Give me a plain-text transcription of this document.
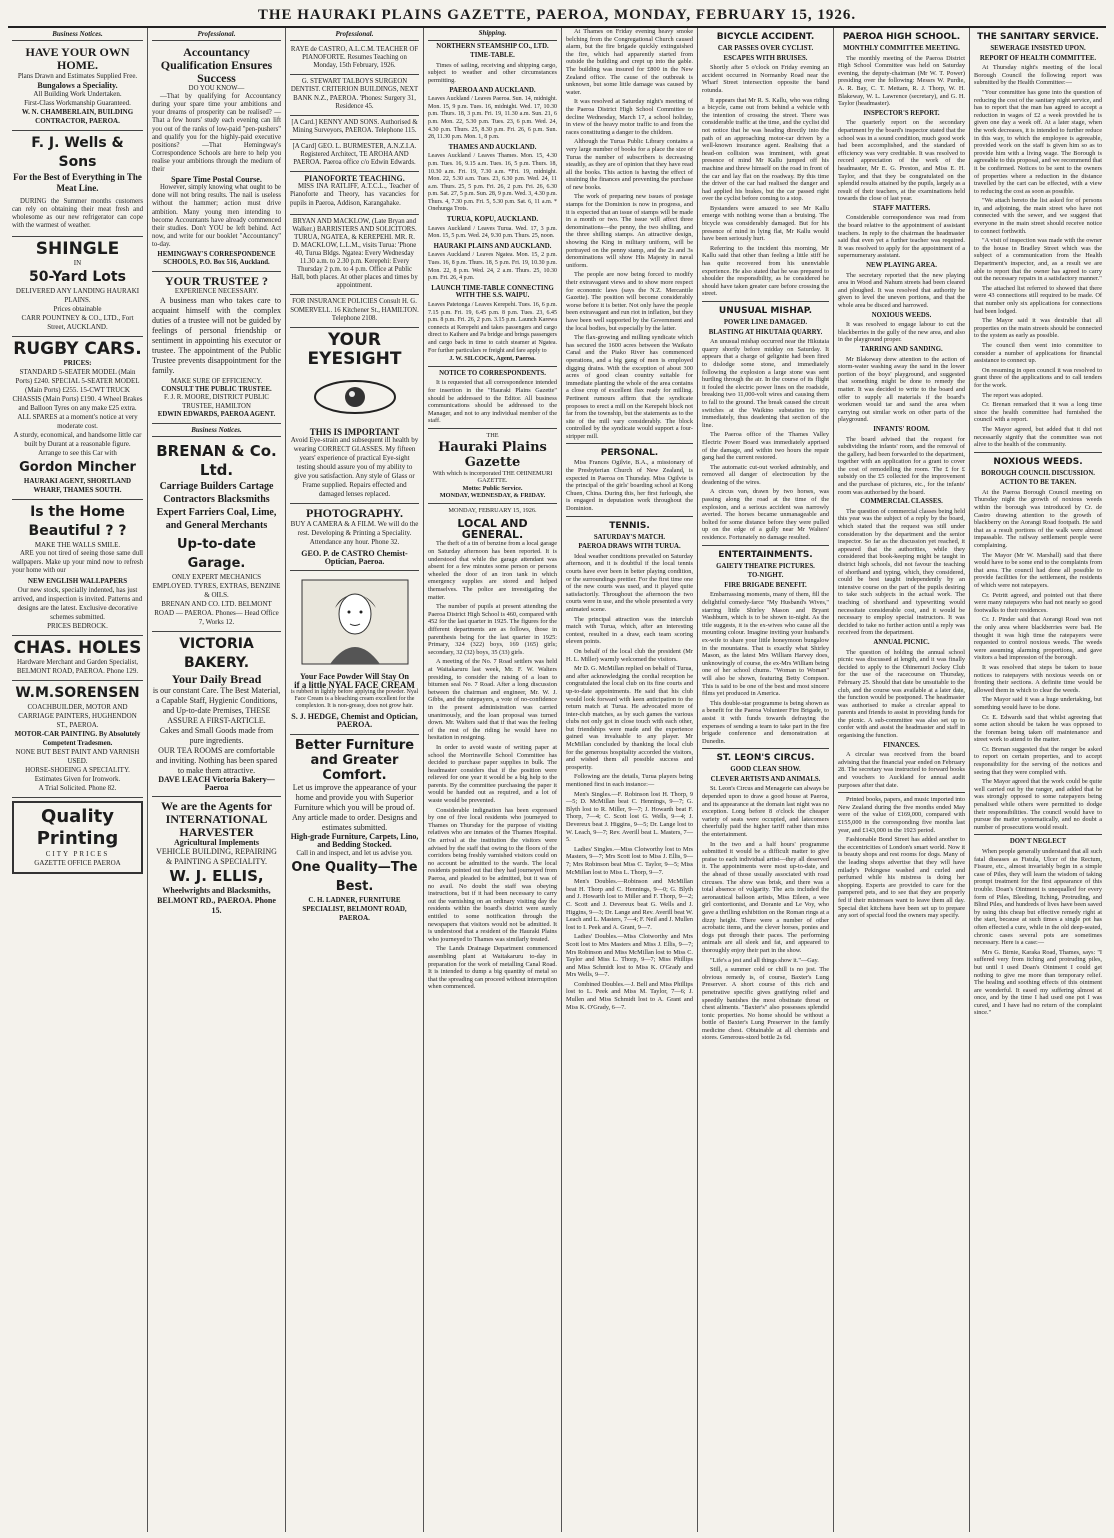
THE HAURAKI PLAINS GAZETTE, PAEROA, MONDAY, FEBRUARY 15, 1926.
Business Notices.
HAVE YOUR OWN HOME.
Plans Drawn and Estimates Supplied Free.
Bungalows a Speciality.
All Building Work Undertaken.
First-Class Workmanship Guaranteed.
W. N. CHAMBERLAIN, BUILDING CONTRACTOR, PAEROA.
F. J. Wells & Sons
For the Best of Everything in The Meat Line.

DURING the Summer months customers can rely on obtaining their meat fresh and wholesome as our new refrigerator can cope with the warmest of weather.

SHINGLE
IN
50-Yard Lots
DELIVERED ANY LANDING HAURAKI PLAINS.
Prices obtainable
CARR POUNTNEY & CO., LTD., Fort Street, AUCKLAND.
RUGBY CARS.
PRICES:
STANDARD 5-SEATER MODEL (Main Ports) £240. SPECIAL 5-SEATER MODEL (Main Ports) £255. 15-CWT TRUCK CHASSIS (Main Ports) £190. 4 Wheel Brakes and Balloon Tyres on any make £25 extra. ALL SPARES at a moment's notice at very moderate cost.
A sturdy, economical, and handsome little car built by Durant at a reasonable figure.
Arrange to see this Car with
Gordon Mincher
HAURAKI AGENT, SHORTLAND WHARF, THAMES SOUTH.
Is the Home Beautiful ? ?
MAKE THE WALLS SMILE.

ARE you not tired of seeing those same dull wallpapers. Make up your mind now to refresh your home with our

NEW ENGLISH WALLPAPERS
Our new stock, specially indented, has just arrived, and inspection is invited. Patterns and designs are the latest. Exclusive decorative schemes submitted.
PRICES BEDROCK.
CHAS. HOLES
Hardware Merchant and Garden Specialist, BELMONT ROAD, PAEROA. Phone 129.
W.M.SORENSEN
COACHBUILDER, MOTOR AND CARRIAGE PAINTERS, HUGHENDON ST., PAEROA.
MOTOR-CAR PAINTING. By Absolutely Competent Tradesmen.
NONE BUT BEST PAINT AND VARNISH USED.
HORSE-SHOEING A SPECIALITY.
Estimates Given for Ironwork.
A Trial Solicited. Phone 82.
Quality Printing
CITY PRICES
GAZETTE OFFICE PAEROA
Professional.
Accountancy Qualification Ensures Success
DO YOU KNOW—

—That by qualifying for Accountancy during your spare time your ambitions and your dreams of prosperity can be realised? —That a few hours' study each evening can lift you out of the ranks of low-paid "pen-pushers" and qualify you for the highly-paid executive positions? —That Hemingway's Correspondence Schools are here to help you realise your ambitions through the medium of their

Spare Time Postal Course.

However, simply knowing what ought to be done will not bring results. The nail is useless without the hammer; action must drive ambition. Many young men intending to become Accountants have already commenced their studies. Don't YOU be left behind. Act now, and write for our booklet "Accountancy" to-day.

HEMINGWAY'S CORRESPONDENCE SCHOOLS, P.O. Box 516, Auckland.
YOUR TRUSTEE ?
EXPERIENCE NECESSARY.

A business man who takes care to acquaint himself with the complex duties of a trustee will not be guided by feelings of personal friendship or sentiment in appointing his executor or trustee. The appointment of the Public Trustee prevents disappointment for the family.

MAKE SURE OF EFFICIENCY.
CONSULT THE PUBLIC TRUSTEE.
F. J. R. MOORE, DISTRICT PUBLIC TRUSTEE, HAMILTON
EDWIN EDWARDS, PAEROA AGENT.
Business Notices.
BRENAN & Co. Ltd.
Carriage Builders Cartage Contractors Blacksmiths Expert Farriers Coal, Lime, and General Merchants
Up-to-date Garage.
ONLY EXPERT MECHANICS EMPLOYED. TYRES, EXTRAS, BENZINE & OILS.
BRENAN AND CO. LTD. BELMONT ROAD — PAEROA. Phones— Head Office 7, Works 12.
VICTORIA BAKERY.
Your Daily Bread
is our constant Care. The Best Material, a Capable Staff, Hygienic Conditions, and Up-to-date Premises, THESE ASSURE A FIRST-ARTICLE.
Cakes and Small Goods made from pure ingredients.
OUR TEA ROOMS are comfortable and inviting. Nothing has been spared to make them attractive.
DAVE LEACH Victoria Bakery—Paeroa
We are the Agents for INTERNATIONAL HARVESTER
Agricultural Implements
VEHICLE BUILDING, REPAIRING & PAINTING A SPECIALITY.
W. J. ELLIS,
Wheelwrights and Blacksmiths, BELMONT RD., PAEROA. Phone 15.
Professional.
RAYE de CASTRO, A.L.C.M. TEACHER OF PIANOFORTE. Resumes Teaching on Monday, 15th February, 1926.
G. STEWART TALBOYS SURGEON DENTIST. CRITERION BUILDINGS, NEXT BANK N.Z., PAEROA. 'Phones: Surgery 31, Residence 45.
[A Card.] KENNY AND SONS. Authorised & Mining Surveyors, PAEROA. Telephone 115.
[A Card] GEO. L. BURMESTER, A.N.Z.I.A. Registered Architect, TE AROHA AND PAEROA. Paeroa office c/o Edwin Edwards.
PIANOFORTE TEACHING.

MISS INA RATLIFF, A.T.C.L., Teacher of Pianoforte and Theory, has vacancies for pupils in Paeroa, Addison, Karangahake.

BRYAN AND MACKLOW, (Late Bryan and Walker.) BARRISTERS AND SOLICITORS. TURUA, NGATEA, & KEREPEHI. MR. R. D. MACKLOW, L.L.M., visits Turua: 'Phone 40, Turua Bldgs. Ngatea: Every Wednesday 11.30 a.m. to 2.30 p.m. Kerepehi: Every Thursday 2 p.m. to 4 p.m. Office at Public Hall, both places. At other places and times by appointment.
FOR INSURANCE POLICIES Consult H. G. SOMERVELL. 16 Kitchener St., HAMILTON. Telephone 2108.
YOUR EYESIGHT
THIS IS IMPORTANT
Avoid Eye-strain and subsequent ill health by wearing CORRECT GLASSES. My fifteen years' experience of practical Eye-sight testing should assure you of my ability to give you satisfaction. Any style of Glass or Frame supplied. Repairs effected and damaged lenses replaced.
PHOTOGRAPHY.
BUY A CAMERA & A FILM. We will do the rest. Developing & Printing a Speciality. Attendance any hour. Phone 32.
GEO. P. de CASTRO Chemist-Optician, Paeroa.
Your Face Powder Will Stay On
if a little NYAL FACE CREAM
is rubbed in lightly before applying the powder. Nyal Face Cream is a bleaching cream excellent for the complexion. It is non-greasy, does not grow hair.
S. J. HEDGE, Chemist and Optician, PAEROA.
Better Furniture and Greater Comfort.
Let us improve the appearance of your home and provide you with Superior Furniture which you will be proud of. Any article made to order. Designs and estimates submitted.
High-grade Furniture, Carpets, Lino, and Bedding Stocked.
Call in and inspect, and let us advise you.
One Quality—The Best.
C. H. LADNER, FURNITURE SPECIALIST, BELMONT ROAD, PAEROA.
Shipping.
NORTHERN STEAMSHIP CO., LTD.
TIME-TABLE.

Times of sailing, receiving and shipping cargo, subject to weather and other circumstances permitting.

PAEROA AND AUCKLAND.
Leaves Auckland / Leaves Paeroa. Sun. 14, midnight. Mon. 15, 9 p.m. Tues. 16, midnight. Wed. 17, 10.30 p.m. Thurs. 18, 3 p.m. Fri. 19, 11.30 a.m. Sun. 21, 6 p.m. Mon. 22, 5.30 p.m. Tues. 23, 6 p.m. Wed. 24, 4.30 p.m. Thurs. 25, 8.30 p.m. Fri. 26, 6 p.m. Sun. 28, 11.30 p.m. Mon. 1, 8 p.m.
THAMES AND AUCKLAND.
Leaves Auckland / Leaves Thames. Mon. 15, 4.30 p.m. Tues. 16, 9.15 a.m. Tues. 16, 5 p.m. Thurs. 18, 10.30 a.m. Fri. 19, 7.30 a.m. *Fri. 19, midnight. Mon. 22, 5.30 a.m. Tues. 23, 6.30 p.m. Wed. 24, 11 a.m. Thurs. 25, 5 p.m. Fri. 26, 2 p.m. Fri. 26, 6.30 p.m. Sat. 27, 5 p.m. Sun. 28, 9 p.m. Wed. 3, 4.30 p.m. Thurs. 4, 7.30 p.m. Fri. 5, 5.30 p.m. Sat. 6, 11 a.m. * Onehunga Trots.
TURUA, KOPU, AUCKLAND.
Leaves Auckland / Leaves Turua. Wed. 17, 3 p.m. Mon. 15, 5 p.m. Wed. 24, 9.30 p.m. Thurs. 25, noon.
HAURAKI PLAINS AND AUCKLAND.
Leaves Auckland / Leaves Ngatea. Mon. 15, 2 p.m. Tues. 16, 8 p.m. Thurs. 18, 5 p.m. Fri. 19, 10.30 p.m. Mon. 22, 8 p.m. Wed. 24, 2 a.m. Thurs. 25, 10.30 p.m. Fri. 26, 4 p.m.
LAUNCH TIME-TABLE CONNECTING WITH THE S.S. WAIPU.
Leaves Patetonga / Leaves Kerepehi. Tues. 16, 6 p.m. 7.15 p.m. Fri. 19, 6.45 p.m. 8 p.m. Tues. 23, 6.45 p.m. 8 p.m. Fri. 26, 2 p.m. 3.15 p.m. Launch Karewa connects at Kerepehi and takes passengers and cargo direct to Kaihere and Pa bridge and brings passengers and cargo back in time to catch steamer at Ngatea. For further particulars re freight and fare apply to
J. W. SILCOCK, Agent, Paeroa.
NOTICE TO CORRESPONDENTS.

It is requested that all correspondence intended for insertion in the "Hauraki Plains Gazette" should be addressed to the Editor. All business communications should be addressed to the Manager, and not to any individual member of the staff.

THE
Hauraki Plains Gazette
With which is incorporated THE OHINEMURI GAZETTE.
Motto: Public Service.
MONDAY, WEDNESDAY, & FRIDAY.
MONDAY, FEBRUARY 15, 1926.
LOCAL AND GENERAL.

The theft of a tin of benzine from a local garage on Saturday afternoon has been reported. It is understood that while the garage attendant was absent for a few minutes some person or persons wheeled the door of an iron tank in which emergency supplies are stored and helped themselves. The police are investigating the matter.

The number of pupils at present attending the Paeroa District High School is 460, compared with 452 for the last quarter in 1925. The figures for the different departments are as follows, those in parenthesis being for the last quarter in 1925: Primary, 324 (322) boys, 169 (165) girls; secondary, 32 (32) boys, 35 (33) girls.

A meeting of the No. 7 Road settlers was held at Waitakaruru last week, Mr. F. W. Walters presiding, to consider the raising of a loan to bitumen seal No. 7 Road. After a long discussion between the chairman and engineer, Mr. W. J. Gibbs, and the ratepayers, a vote of no-confidence in the present administration was carried unanimously, and the loan proposal was turned down. Mr. Walters said that if that was the feeling of the rest of the riding he would have no hesitation in resigning.

In order to avoid waste of writing paper at school the Morrinsville School Committee has decided to purchase paper supplies in bulk. The headmaster considers that if the position were relieved for one year it would be a big help to the parents. By the committee purchasing the paper it would be handed out as required, and a lot of waste would be prevented.

Considerable indignation has been expressed by one of five local residents who journeyed to Thames on Thursday for the purpose of visiting relatives who are inmates of the Thames Hospital. On arrival at the institution the visitors were advised by the staff that owing to the floors of the corridors being freshly varnished visitors could on no account be admitted to the wards. The local residents pointed out that they had journeyed from Paeroa, and pleaded to be admitted, but it was of no avail. No doubt the staff was obeying instructions, but if it had been necessary to carry out the varnishing on an ordinary visiting day the residents within the board's district were surely entitled to some notification through the newspapers that visitors would not be admitted. It is understood that a resident of the Hauraki Plains who journeyed to Thames was similarly treated.

The Lands Drainage Department commenced assembling plant at Waitakaruru to-day in preparation for the work of metalling Canal Road. It is intended to dump a big quantity of metal so that the spreading can proceed without interruption when commenced.

At Thames on Friday evening heavy smoke belching from the Congregational Church caused alarm, but the fire brigade quickly extinguished the fire, which had apparently started from outside the building and crept up into the gable. The building was insured for £800 in the New Zealand office. The cause of the outbreak is unknown, but some little damage was caused by water.

It was resolved at Saturday night's meeting of the Paeroa District High School Committee to decline Wednesday, March 17, a school holiday, in view of the heavy motor traffic to and from the races constituting a danger to the children.

Although the Turua Public Library contains a very large number of books for a place the size of Turua the number of subscribers is decreasing steadily, as they are of opinion that they have read all the books. This action is having the effect of straining the finances and preventing the purchase of new books.

The work of preparing new issues of postage stamps for the Dominion is now in progress, and it is expected that an issue of stamps will be made in a month or two. The issue will affect three denominations—the penny, the two shilling, and the three shilling stamps. An attractive design, showing the King in military uniform, will be portrayed on the penny stamp, and the 2s and 3s denominations will show His Majesty in naval uniform.

The people are now being forced to modify their extravagant views and to show more respect for economic laws (says the N.Z. Mercantile Gazette). The position will become considerably worse before it is better. Not only have the people been extravagant and run riot in inflation, but they have been well supported by the Government and the local bodies, but especially by the latter.

The flax-growing and milling syndicate which has secured the 1600 acres between the Waikato Canal and the Piako River has commenced operations, and a big gang of men is employed digging drains. With the exception of about 300 acres of good clean country suitable for immediate planting the whole of the area contains a close crop of excellent flax ready for milling. Pertinent rumours affirm that the syndicate proposes to erect a mill on the Kerepehi block not far from the township, but the statements as to the site of the mill vary considerably. The block controlled by the syndicate would support a four-stripper mill.

PERSONAL.

Miss Frances Ogilvie, B.A., a missionary of the Presbyterian Church of New Zealand, is expected in Paeroa on Thursday. Miss Ogilvie is the principal of the girls' boarding school at Kong Chuen, China. During this, her first furlough, she is engaged in deputation work throughout the Dominion.

TENNIS.
SATURDAY'S MATCH.
PAEROA DRAWS WITH TURUA.

Ideal weather conditions prevailed on Saturday afternoon, and it is doubtful if the local tennis courts have ever been in better playing condition, or the surroundings prettier. For the first time one of the new courts was used, and it played quite satisfactorily. Throughout the afternoon the two courts were in use, and the whole presented a very animated scene.

The principal attraction was the interclub match with Turua, which, after an interesting contest, resulted in a draw, each team scoring eleven points.

On behalf of the local club the president (Mr H. L. Miller) warmly welcomed the visitors.

Mr D. G. McMillan replied on behalf of Turua, and after acknowledging the cordial reception he congratulated the local club on its fine courts and up-to-date appointments. He said that his club would look forward with keen anticipation to the return match at Turua. He advocated more of inter-club matches, as by such games the various clubs not only got in close touch with each other, but friendships were made and the experience gained was invaluable to any player. Mr McMillan concluded by thanking the local club for the generous hospitality accorded the visitors, and wished them all possible success and prosperity.

Following are the details, Turua players being mentioned first in each instance:—

Men's Singles.—F. Robinson lost H. Thorp, 9—5; D. McMillan beat C. Hennings, 9—7; G. Blyth lost to R. Miller, 9—7; J. Howarth beat F. Thorp, 7—4; C. Scott lost G. Wells, 9—4; J. Devereux beat J. Higgins, 9—5; Dr. Lange lost to W. Leach, 9—7; Rev. Averill beat L. Masters, 7—5.

Ladies' Singles.—Miss Clotworthy lost to Mrs Masters, 9—7; Mrs Scott lost to Miss J. Ellis, 9—7; Mrs Robinson beat Miss C. Taylor, 9—5; Miss McMillan lost to Miss L. Thorp, 9—7.

Men's Doubles.—Robinson and McMillan beat H. Thorp and C. Hennings, 9—0; G. Blyth and J. Howarth lost to Miller and F. Thorp, 9—2; C. Scott and J. Devereux beat G. Wells and J. Higgins, 9—3; Dr. Lange and Rev. Averill beat W. Leach and L. Masters, 7—4; F. Neil and J. Mullen lost to I. Peek and A. Grant, 9—7.

Ladies' Doubles.—Miss Clotworthy and Mrs Scott lost to Mrs Masters and Miss J. Ellis, 9—7; Mrs Robinson and Miss McMillan lost to Miss C. Taylor and Miss L. Thorp, 9—7; Miss Phillips and Miss Schmidt lost to Miss K. O'Grady and Mrs Wells, 9—7.

Combined Doubles.—J. Bell and Miss Phillips lost to L. Peek and Miss M. Taylor, 7—6; J. Mullen and Miss Schmidt lost to A. Grant and Miss K. O'Grady, 6—7.

BICYCLE ACCIDENT.
CAR PASSES OVER CYCLIST.
ESCAPES WITH BRUISES.

Shortly after 5 o'clock on Friday evening an accident occurred in Normanby Road near the Wharf Street intersection opposite the band rotunda.

It appears that Mr R. S. Kallu, who was riding a bicycle, came out from behind a vehicle with the intention of crossing the street. There was considerable traffic at the time, and the cyclist did not notice that he was heading directly into the path of an approaching motor-car driven by a well-known insurance agent. Realising that a head-on collision was imminent, with great presence of mind Mr Kallu jumped off his machine and threw himself on the road in front of the car and lay flat on the roadway. By this time the driver of the car had realised the danger and had applied his brakes, but the car passed right over the cyclist before coming to a stop.

Bystanders were amazed to see Mr Kallu emerge with nothing worse than a bruising. The bicycle was considerably damaged. But for his presence of mind in lying flat, Mr Kallu would have been seriously hurt.

Referring to the incident this morning, Mr Kallu said that other than feeling a little stiff he has quite recovered from his unenviable experience. He also stated that he was prepared to shoulder the responsibility, as he considered he should have taken greater care before crossing the street.

UNUSUAL MISHAP.
POWER LINE DAMAGED.
BLASTING AT HIKUTAIA QUARRY.

An unusual mishap occurred near the Hikutaia quarry shortly before midday on Saturday. It appears that a charge of gelignite had been fired to dislodge some stone, and immediately following the explosion a large stone was sent hurtling through the air. In the course of its flight it fouled the electric power lines on the roadside, breaking two 11,000-volt wires and causing them to fall to the ground. The break caused the circuit switches at the Waikino substation to trip immediately, thus deadening that section of the line.

The Paeroa office of the Thames Valley Electric Power Board was immediately apprised of the damage, and within two hours the repair gang had the current restored.

The automatic cut-out worked admirably, and removed all danger of electrocution by the deadening of the wires.

A circus van, drawn by two horses, was passing along the road at the time of the explosion, and a serious accident was narrowly averted. The horses became unmanageable and bolted for some distance before they were pulled up on the edge of a gully near Mr Walters' residence. Fortunately no damage resulted.

ENTERTAINMENTS.
GAIETY THEATRE PICTURES.
TO-NIGHT.
FIRE BRIGADE BENEFIT.

Embarrassing moments, many of them, fill the delightful comedy-farce "My Husband's Wives," starring little Shirley Mason and Bryant Washburn, which is to be shown to-night. As the title suggests, it is the ex-wives who cause all the mounting colour. Imagine inviting your husband's ex-wife to share your little honeymoon bungalow in the mountains. That is exactly what Shirley Mason, as the latest Mrs William Harvey does, unknowingly of course, the ex-Mrs William being one of her school chums. "Woman to Woman" will also be shown, featuring Betty Compson. This is said to be one of the best and most sincere films yet produced in America.

This double-star programme is being shown as a benefit for the Paeroa Volunteer Fire Brigade, to assist it with funds towards defraying the expenses of sending a team to take part in the fire brigade conference and demonstration at Dunedin.

ST. LEON'S CIRCUS.
GOOD CLEAN SHOW.
CLEVER ARTISTS AND ANIMALS.

St. Leon's Circus and Menagerie can always be depended upon to draw a good house at Paeroa, and its appearance at the domain last night was no exception. Long before 8 o'clock the cheaper variety of seats were occupied, and latecomers cheerfully paid the higher tariff rather than miss the entertainment.

In the two and a half hours' programme submitted it would be a difficult matter to give praise to each individual artist—they all deserved it. The appointments were most up-to-date, and the ahead of those usually associated with road circuses. The show was brisk, and there was a total absence of vulgarity. The acts included the aeronautical balloon artists, Miss Eileen, a wee girl contortionist, and Dorante and Le Voy, who gave a thrilling exhibition on the Roman rings at a dizzy height. There were a number of other acrobatic items, and the clever horses, ponies and dogs put through their paces. The performing animals are all sleek and fat, and appeared to thoroughly enjoy their part in the show.

"Life's a jest and all things show it."—Gay.

Still, a summer cold or chill is no jest. The obvious remedy is, of course, Baxter's Lung Preserver. A short course of this rich and penetrative specific gives gratifying relief and speedily banishes the most obstinate throat or chest ailments. "Baxter's" also possesses splendid tonic properties. No home should be without a bottle of Baxter's Lung Preserver in the family medicine chest. Obtainable at all chemists and stores. Generous-sized bottle 2s 6d.

PAEROA HIGH SCHOOL.
MONTHLY COMMITTEE MEETING.

The monthly meeting of the Paeroa District High School Committee was held on Saturday evening, the deputy-chairman (Mr W. T. Power) presiding over the following: Messrs W. Purdie, A. R. Bay, C. T. Mettam, R. J. Thorp, W. H. Blakeway, W. L. Lawrence (secretary), and G. H. Taylor (headmaster).

INSPECTOR'S REPORT.

The quarterly report on the secondary department by the board's inspector stated that the school was in a sound condition, much good work had been accomplished, and the standard of efficiency was very creditable. It was resolved to record appreciation of the work of the headmaster, Mr E. G. Preston, and Miss E. H. Taylor, and that they be congratulated on the splendid results attained by the pupils, largely as a result of their teachers, at the examinations held towards the close of last year.

STAFF MATTERS.

Considerable correspondence was read from the board relative to the appointment of assistant teachers. In reply to the chairman the headmaster said that even yet a further teacher was required. It was resolved to apply for the appointment of a supernumerary assistant.

NEW PLAYING AREA.

The secretary reported that the new playing area in Wood and Nahum streets had been cleared and ploughed. It was resolved that authority be given to level the uneven portions, and that the whole area be disced and harrowed.

NOXIOUS WEEDS.

It was resolved to engage labour to cut the blackberries in the gully of the new area, and also in the playground proper.

TARRING AND SANDING.

Mr Blakeway drew attention to the action of storm-water washing away the sand in the lower portion of the boys' playground, and suggested that something might be done to remedy the matter. It was decided to write to the board and offer to supply all materials if the board's workmen would tar and sand the area when carrying out similar work on other parts of the playground.

INFANTS' ROOM.

The board advised that the request for subdividing the infants' room, and the removal of the gallery, had been forwarded to the department, together with an application for a grant to cover the cost of remodelling the room. The £ for £ subsidy on the £5 collected for the improvement and the purchase of pictures, etc., for the infants' room was authorised by the board.

COMMERCIAL CLASSES.

The question of commercial classes being held this year was the subject of a reply by the board, which stated that the request was still under consideration by the department and the senior inspector. So far as the discussion yet reached, it appeared that the authorities, while they considered that book-keeping might be taught in district high schools, did not favour the teaching of shorthand and typing, which, they considered, could be best taught independently by an intensive course on the part of the pupils desiring to take such subjects in the actual work. The teaching of shorthand and typewriting would necessitate considerable cost, and it would be necessary to employ special instructors. It was decided to take no further action until a reply was received from the department.

ANNUAL PICNIC.

The question of holding the annual school picnic was discussed at length, and it was finally decided to apply to the Ohinemuri Jockey Club for the use of the racecourse on Thursday, February 25. Should that date be unsuitable to the club, and the course was available at a later date, the function would be postponed. The headmaster was authorised to make a circular appeal to parents and friends to assist in providing funds for the picnic. A sub-committee was also set up to confer with and assist the headmaster and staff in organising the function.

FINANCES.

A circular was received from the board advising that the financial year ended on February 28. The secretary was instructed to forward books and vouchers to Auckland for annual audit purposes after that date.

Printed books, papers, and music imported into New Zealand during the five months ended May were of the value of £169,000, compared with £155,000 in the corresponding five months last year, and £143,000 in the 1923 period.

Fashionable Bond Street has added another to the eccentricities of London's smart world. Now it is beauty shops and rest rooms for dogs. Many of the leading shops advertise that they will have milady's Pekingese washed and curled and perfumed while his mistress is doing her shopping. Experts are provided to care for the pampered pets, and to see that they are properly fed if their mistresses want to leave them all day. Special diet kitchens have been set up to prepare any sort of special food the owners may specify.

THE SANITARY SERVICE.
SEWERAGE INSISTED UPON.
REPORT OF HEALTH COMMITTEE.

At Thursday night's meeting of the local Borough Council the following report was submitted by the Health Committee:—

"Your committee has gone into the question of reducing the cost of the sanitary night service, and has to report that the man has agreed to accept a reduction in wages of £2 a week provided he is given one day a week off. At a later stage, when the work decreases, it is intended to further reduce in this way, to which the employee is agreeable, provided work on the staff is given him so as to provide him with a living wage. The Borough is agreeable to this proposal, and we recommend that it be confirmed. Notices to be sent to the owners of properties where a reduction in the distance travelled by the cart can be effected, with a view to reducing the cost as soon as possible.

"We attach hereto the list asked for of persons in, and adjoining, the main street who have not connected with the sewer, and we suggest that everyone in the main street should receive notice to connect forthwith.

"A visit of inspection was made with the owner to the house in Bradley Street which was the subject of a communication from the Health Department's inspector, and, as a result we are able to report that the owner has agreed to carry out the necessary repairs in a satisfactory manner."

The attached list referred to showed that there were 43 connections still required to be made. Of that number only six applications for connections had been lodged.

The Mayor said it was desirable that all properties on the main streets should be connected to the system as early as possible.

The council then went into committee to consider a number of applications for financial assistance to connect up.

On resuming in open council it was resolved to grant three of the applications and to call tenders for the work.

The report was adopted.

Cr. Brenan remarked that it was a long time since the health committee had furnished the council with a report.

The Mayor agreed, but added that it did not necessarily signify that the committee was not alive to the health of the community.

NOXIOUS WEEDS.
BOROUGH COUNCIL DISCUSSION.
ACTION TO BE TAKEN.

At the Paeroa Borough Council meeting on Thursday night the growth of noxious weeds within the borough was introduced by Cr. de Castro drawing attention to the growth of blackberry on the Aorangi Road footpath. He said that as a result portions of the walk were almost impassable. The railway settlement people were complaining.

The Mayor (Mr W. Marshall) said that there would have to be some end to the complaints from that area. The council had done all possible to provide facilities for the settlement, the residents of which were not ratepayers.

Cr. Petritt agreed, and pointed out that there were many ratepayers who had not nearly so good footwalks to their residences.

Cr. J. Pinder said that Aorangi Road was not the only area where blackberries were bad. He thought it was high time the ratepayers were requested to control noxious weeds. The weeds were assuming alarming proportions, and gave visitors a bad impression of the borough.

It was resolved that steps be taken to issue notices to ratepayers with noxious weeds on or fronting their sections. A definite time would be allowed them in which to clear the weeds.

The Mayor said it was a huge undertaking, but something would have to be done.

Cr. E. Edwards said that whilst agreeing that some action should be taken he was opposed to the foreman being taken off maintenance and street work to attend to the matter.

Cr. Brenan suggested that the ranger be asked to report on certain properties, and to accept responsibility for the serving of the notices and seeing that they were complied with.

The Mayor agreed that the work could be quite well carried out by the ranger, and added that he was strongly opposed to some ratepayers being penalised while others were permitted to dodge their responsibilities. The council would have to pursue the matter systematically, and no doubt a number of prosecutions would result.

DON'T NEGLECT

When people generally understand that all such fatal diseases as Fistula, Ulcer of the Rectum, Fissure, etc., almost invariably begin in a simple case of Piles, they will learn the wisdom of taking prompt treatment for the first appearance of this trouble. Doan's Ointment is unequalled for every form of Piles, Bleeding, Itching, Protruding, and Blind Piles, and hundreds of lives have been saved by using this cheap but effective remedy right at the start, because at such times a single pot has often effected a cure, while in the old deep-seated, chronic cases several pots are sometimes necessary. Here is a case:—

Mrs G. Birnie, Karaka Road, Thames, says: "I suffered very from itching and protruding piles, but until I used Doan's Ointment I could get nothing to give me more than temporary relief. The healing and soothing effects of this ointment are wonderful. It eased my suffering almost at once, and by the time I had used one pot I was cured, and I have had no return of the complaint since."
